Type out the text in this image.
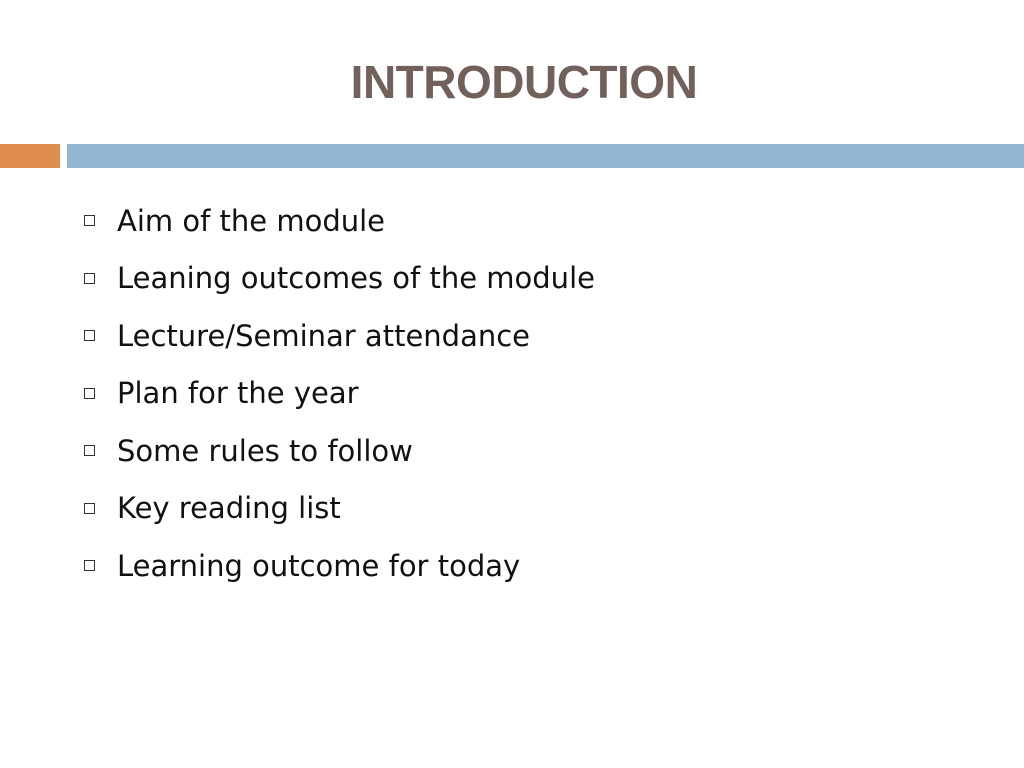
INTRODUCTION
Aim of the module
Leaning outcomes of the module
Lecture/Seminar attendance
Plan for the year
Some rules to follow
Key reading list
Learning outcome for today
